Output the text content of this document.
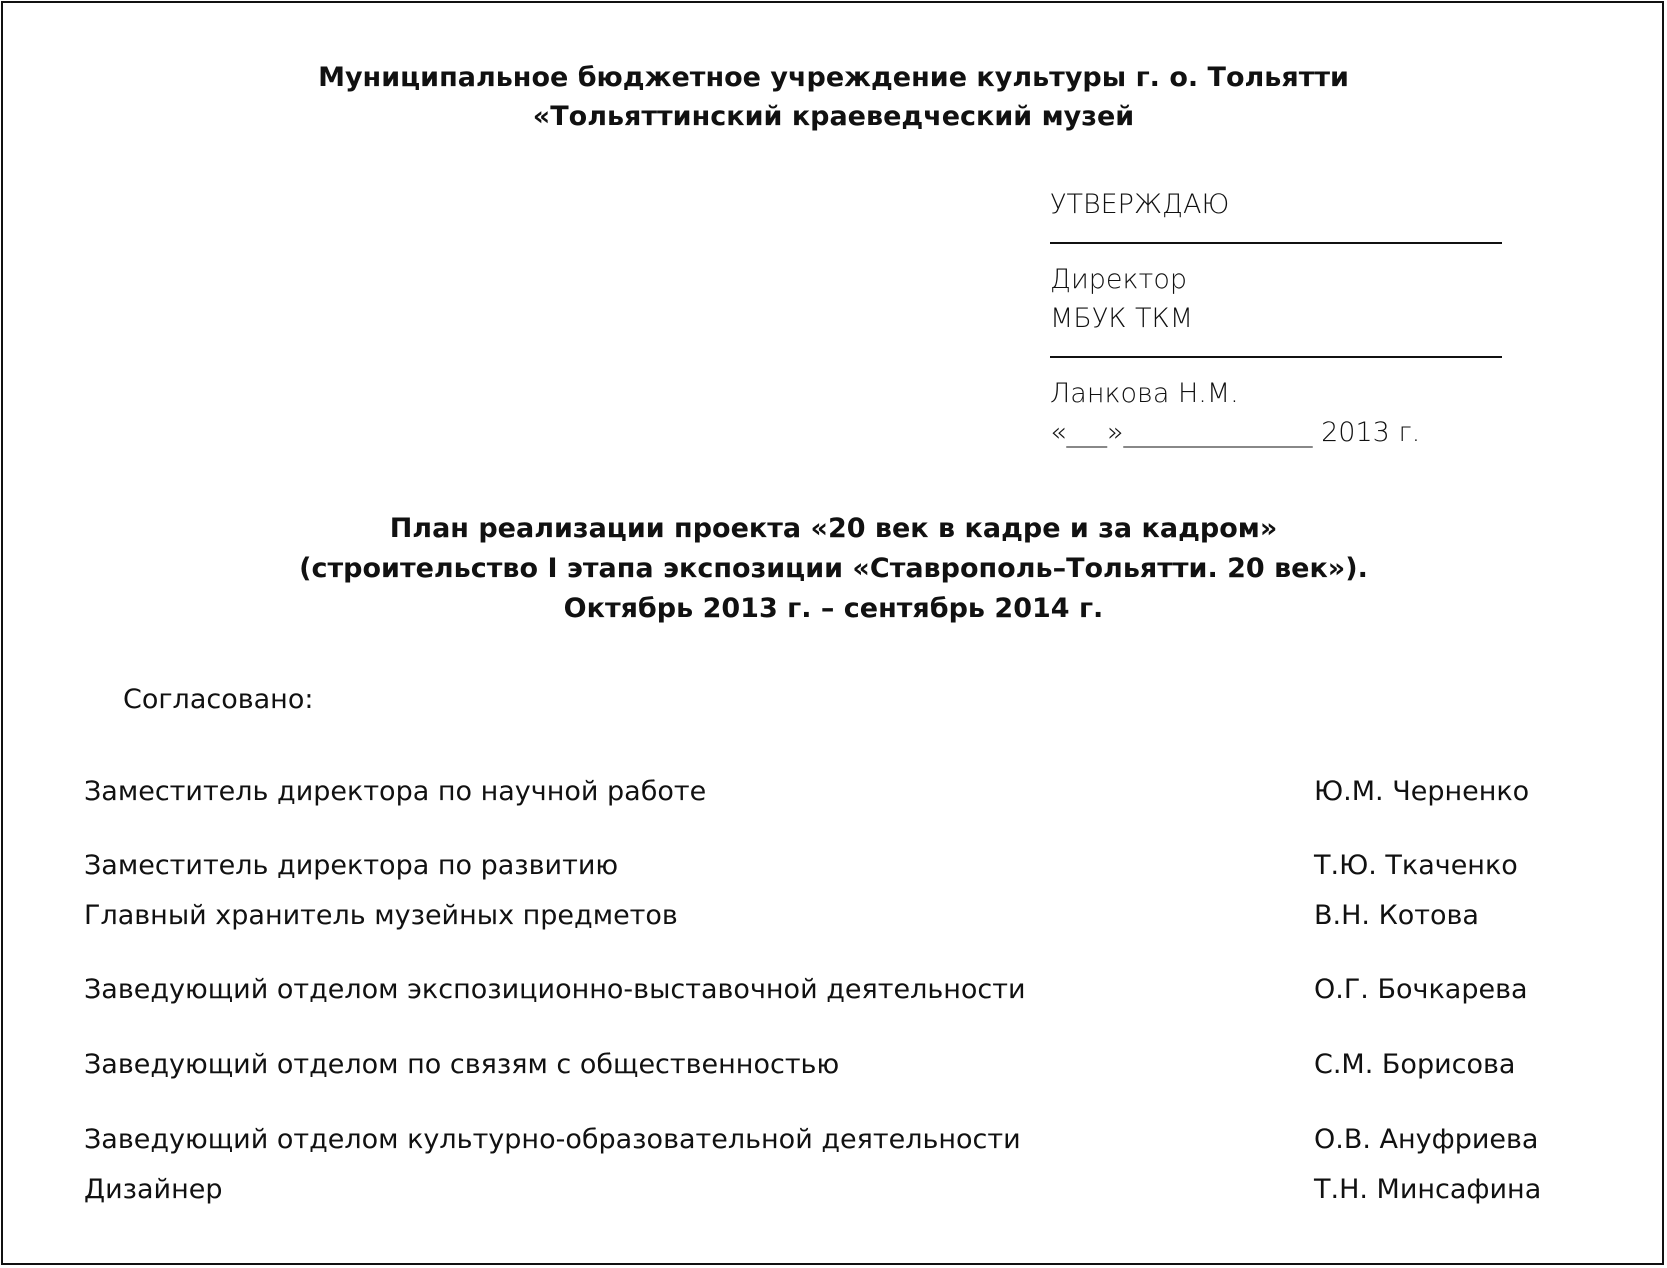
Муниципальное бюджетное учреждение культуры г. о. Тольятти
«Тольяттинский краеведческий музей
УТВЕРЖДАЮ
Директор
МБУК ТКМ
Ланкова Н.М.
«___»______________ 2013 г.
План реализации проекта «20 век в кадре и за кадром»
(строительство I этапа экспозиции «Ставрополь–Тольятти. 20 век»).
Октябрь 2013 г. – сентябрь 2014 г.
Согласовано:
Заместитель директора по научной работе	Ю.М. Черненко
Заместитель директора по развитию	Т.Ю. Ткаченко
Главный хранитель музейных предметов	В.Н. Котова
Заведующий отделом экспозиционно-выставочной деятельности	О.Г. Бочкарева
Заведующий отделом по связям с общественностью	С.М. Борисова
Заведующий отделом культурно-образовательной деятельности	О.В. Ануфриева
Дизайнер	Т.Н. Минсафина
